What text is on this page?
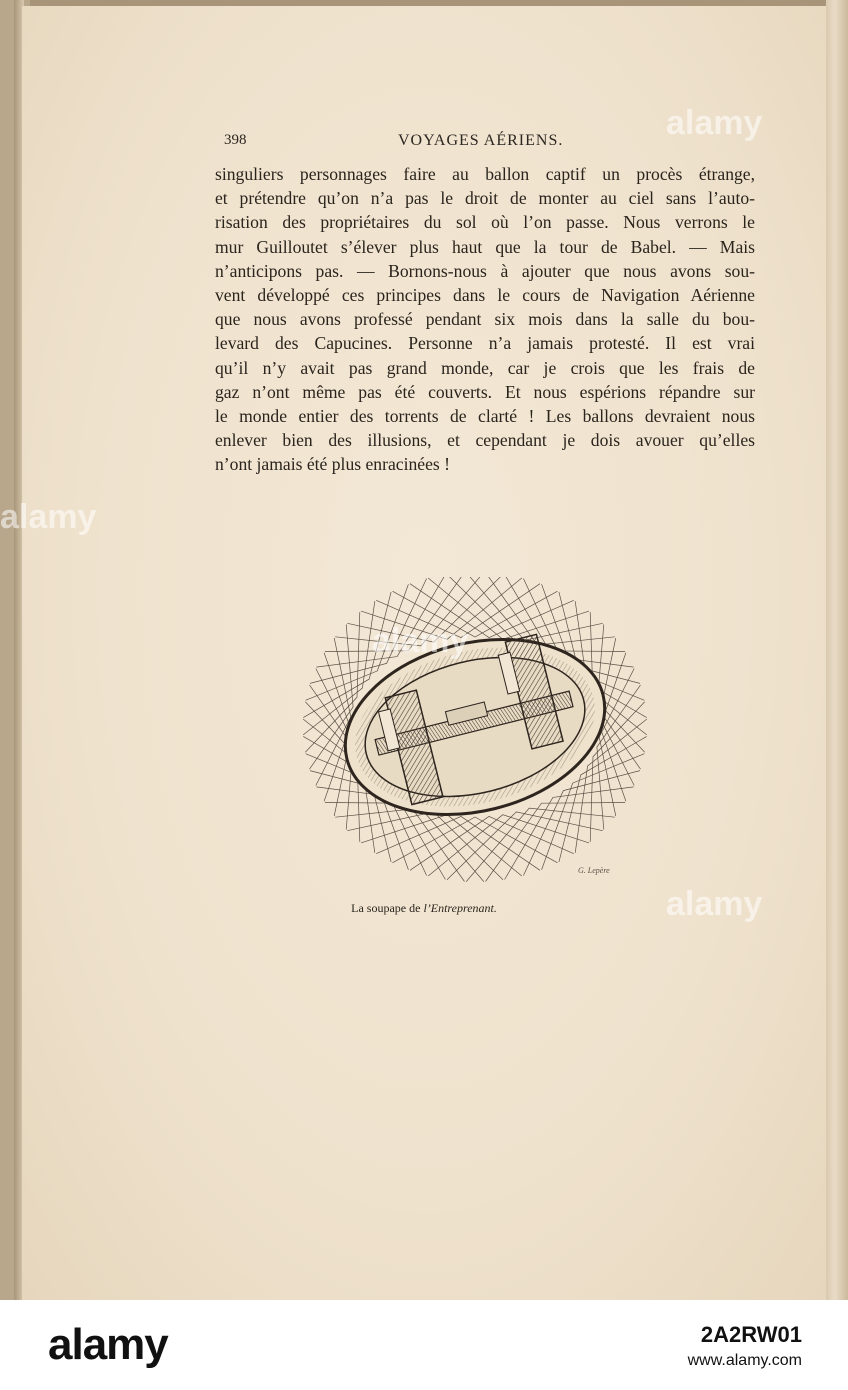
398	VOYAGES AÉRIENS.
singuliers personnages faire au ballon captif un procès étrange,
et prétendre qu’on n’a pas le droit de monter au ciel sans l’auto-
risation des propriétaires du sol où l’on passe. Nous verrons le
mur Guilloutet s’élever plus haut que la tour de Babel. — Mais
n’anticipons pas. — Bornons-nous à ajouter que nous avons sou-
vent développé ces principes dans le cours de Navigation Aérienne
que nous avons professé pendant six mois dans la salle du bou-
levard des Capucines. Personne n’a jamais protesté. Il est vrai
qu’il n’y avait pas grand monde, car je crois que les frais de
gaz n’ont même pas été couverts. Et nous espérions répandre sur
le monde entier des torrents de clarté ! Les ballons devraient nous
enlever bien des illusions, et cependant je dois avouer qu’elles
n’ont jamais été plus enracinées !
G. Lepère
La soupape de l’Entreprenant.
alamy
alamy
alamy
alamy
alamy	2A2RW01
www.alamy.com
